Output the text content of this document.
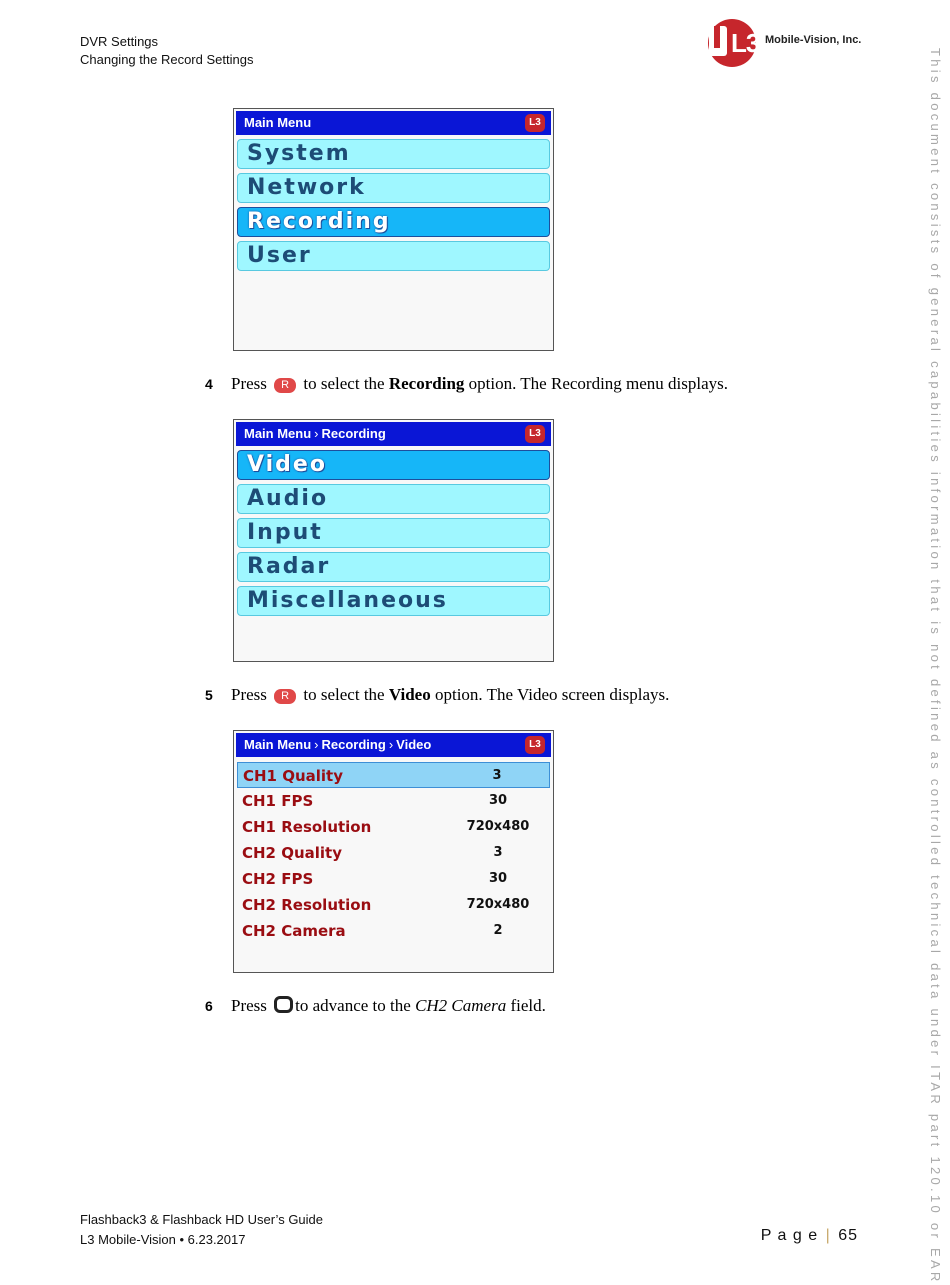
DVR Settings
Changing the Record Settings
L3 Mobile-Vision, Inc.
This document consists of general capabilities information that is not defined as controlled technical data under ITAR part 120.10 or EAR
Main Menu	L3
System
Network
Recording
User
4 Press R to select the Recording option. The Recording menu displays.
Main Menu › Recording	L3
Video
Audio
Input
Radar
Miscellaneous
5 Press R to select the Video option. The Video screen displays.
Main Menu › Recording › Video	L3
CH1 Quality	3
CH1 FPS	30
CH1 Resolution	720x480
CH2 Quality	3
CH2 FPS	30
CH2 Resolution	720x480
CH2 Camera	2
6 Press to advance to the CH2 Camera field.
Flashback3 & Flashback HD User’s Guide
L3 Mobile-Vision • 6.23.2017	P a g e | 65
